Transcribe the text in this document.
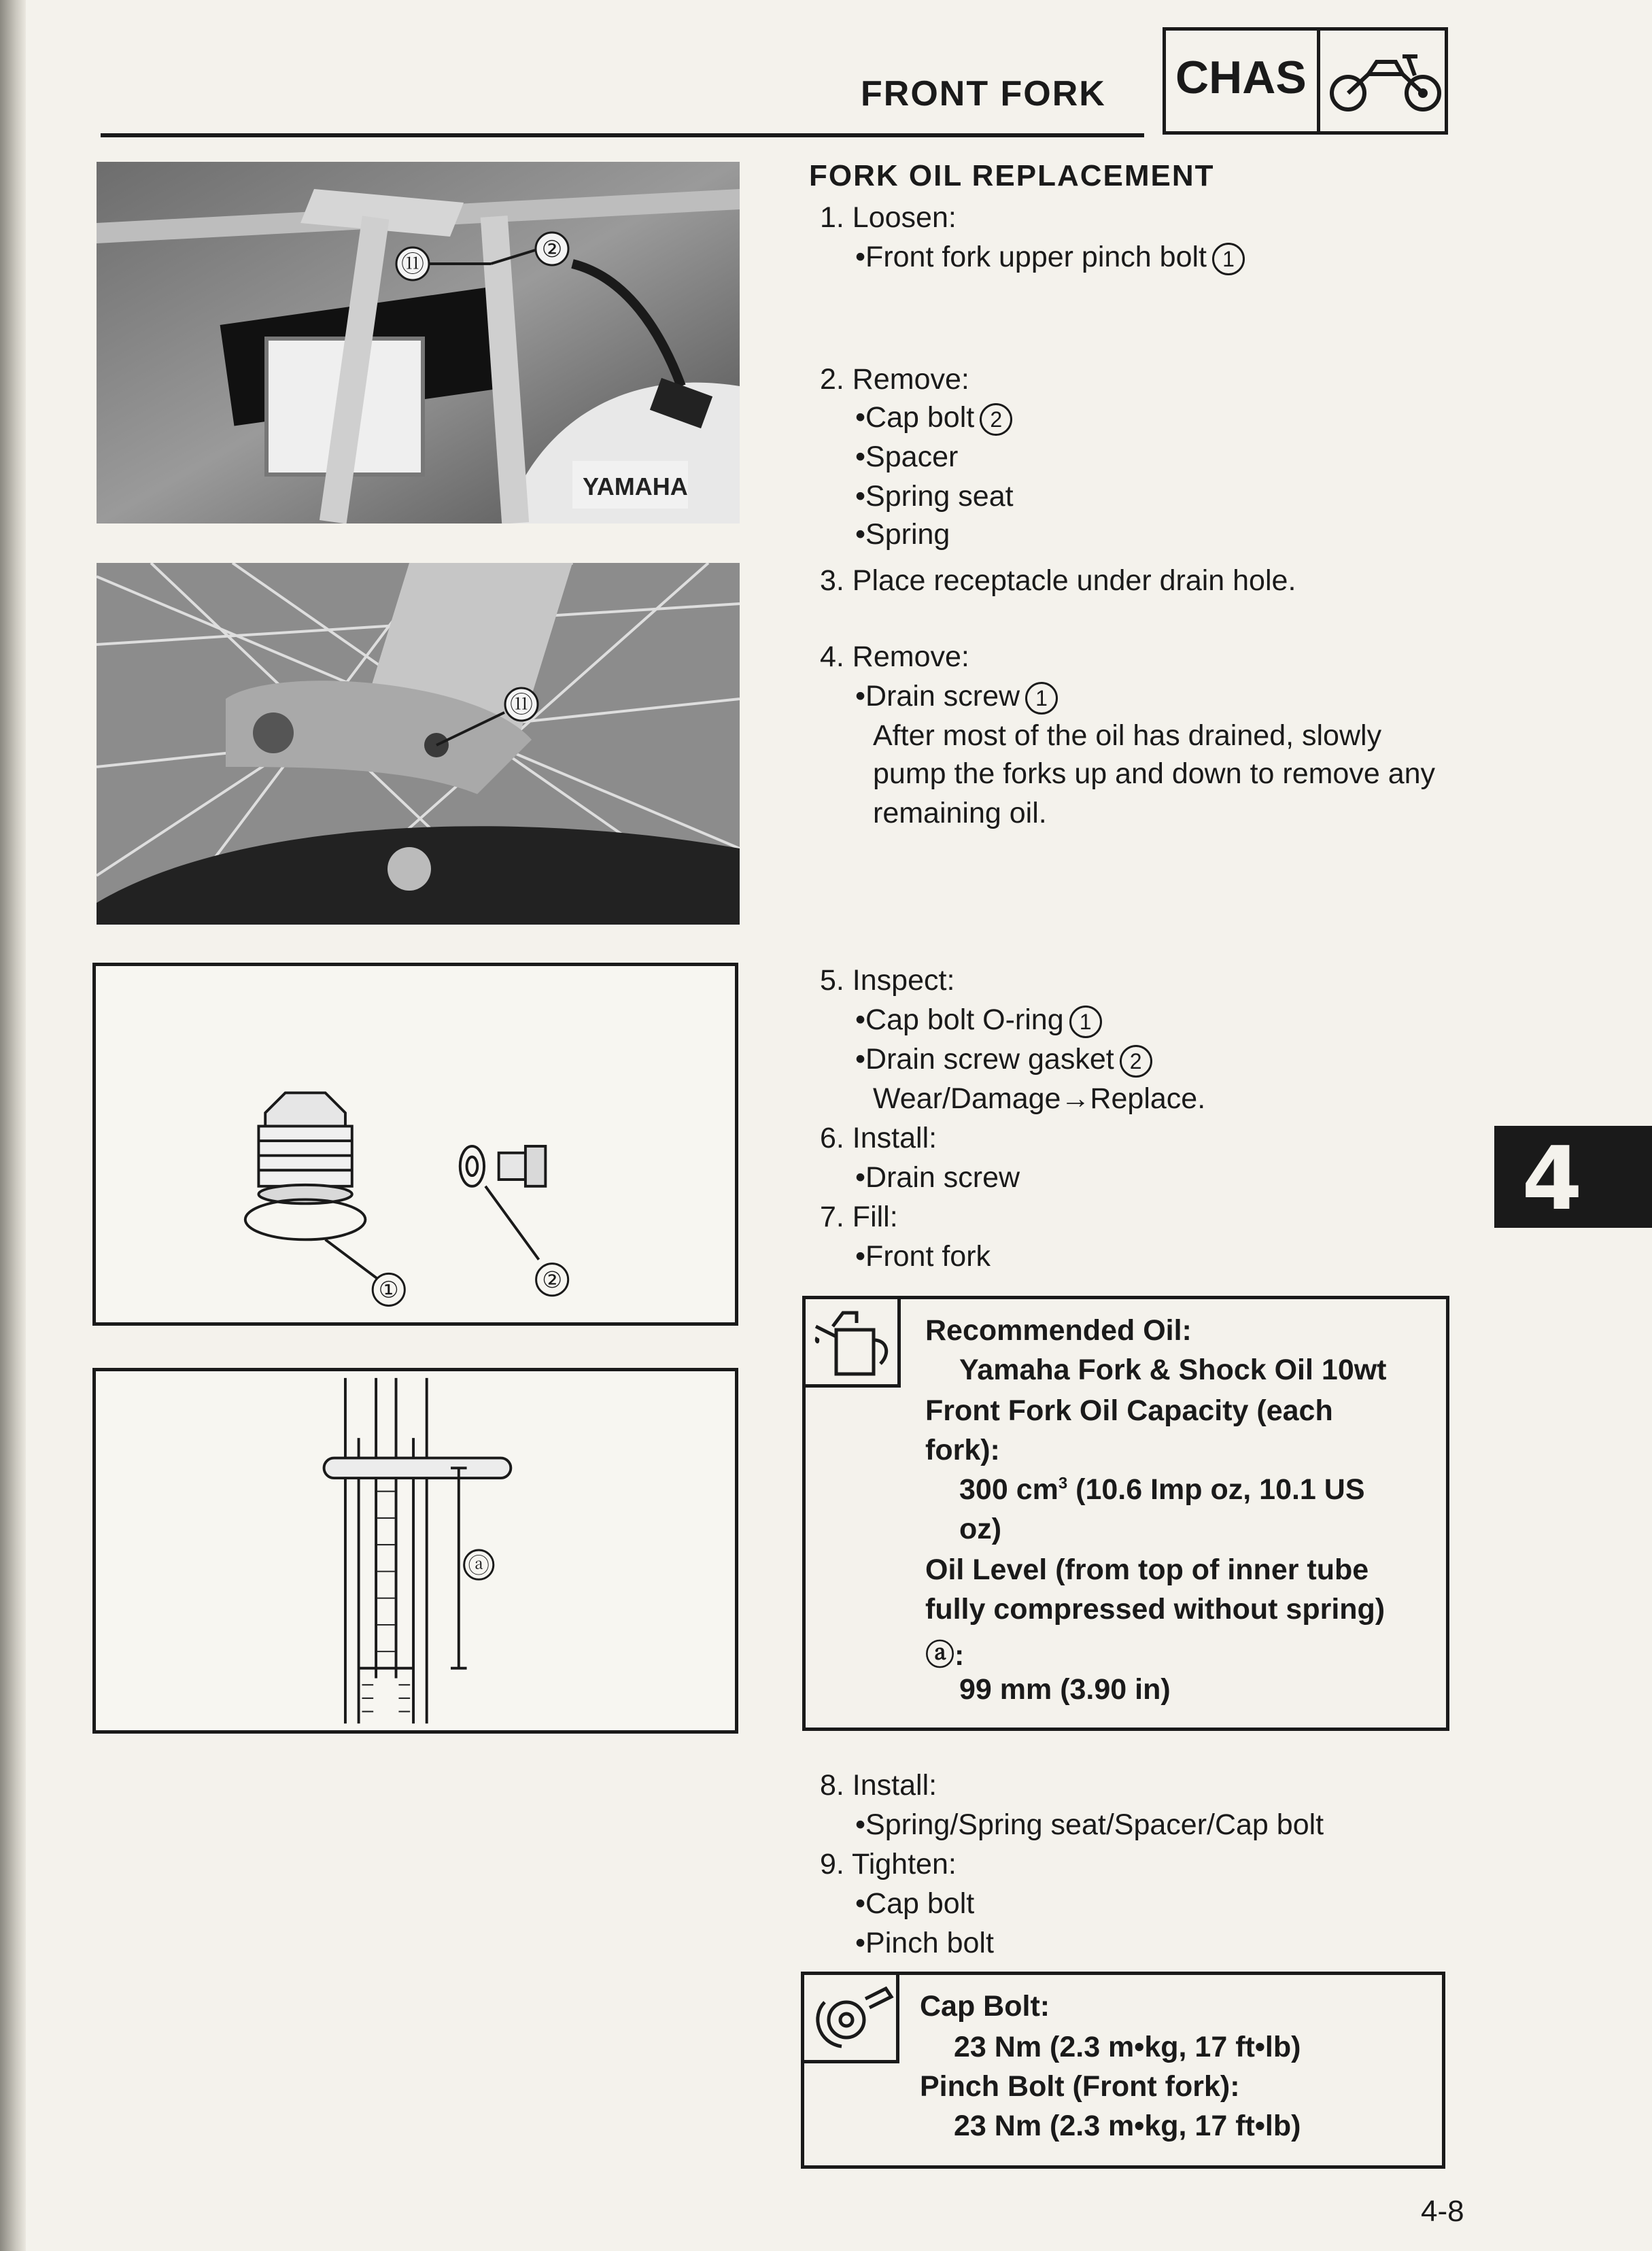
FRONT FORK CHAS
YAMAHA
⑪
②
⑪
①	②
ⓐ
FORK OIL REPLACEMENT
1. Loosen:
•Front fork upper pinch bolt 1
2. Remove:
•Cap bolt 2
•Spacer
•Spring seat
•Spring
3. Place receptacle under drain hole.
4. Remove:
•Drain screw 1
After most of the oil has drained, slowly
pump the forks up and down to remove any
remaining oil.
5. Inspect:
•Cap bolt O-ring 1
•Drain screw gasket 2
Wear/Damage→Replace.
6. Install:
•Drain screw
7. Fill:
•Front fork
Recommended Oil:
Yamaha Fork & Shock Oil 10wt
Front Fork Oil Capacity (each
fork):
300 $cm^3$ (10.6 Imp oz, 10.1 US
oz)
Oil Level (from top of inner tube
fully compressed without spring)
ⓐ:
99 mm (3.90 in)
8. Install:
•Spring/Spring seat/Spacer/Cap bolt
9. Tighten:
•Cap bolt
•Pinch bolt
Cap Bolt:
23 Nm (2.3 m•kg, 17 ft•lb)
Pinch Bolt (Front fork):
23 Nm (2.3 m•kg, 17 ft•lb)
4
4-8
